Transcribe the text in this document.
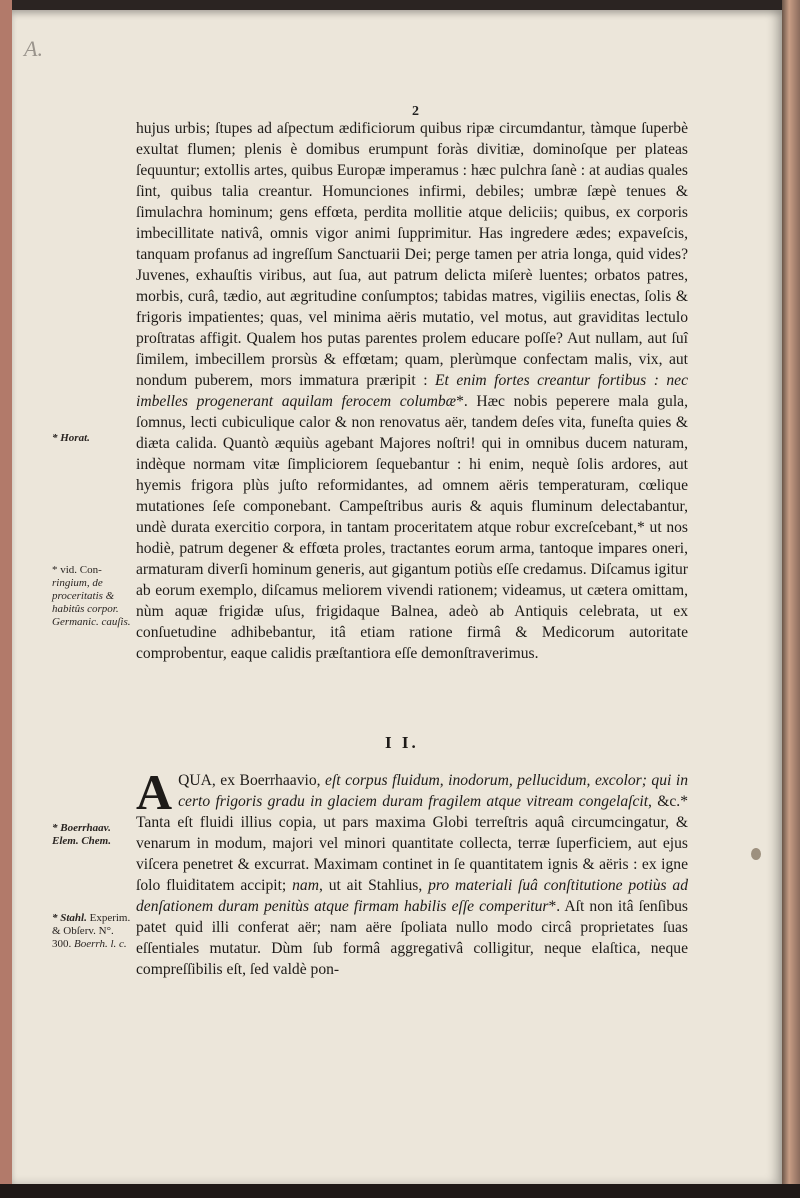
A.
2

hujus urbis; ſtupes ad aſpectum ædificiorum quibus ripæ circumdantur, tàmque ſuperbè exultat flumen; plenis è domibus erumpunt foràs divitiæ, dominoſque per plateas ſequuntur; extollis artes, quibus Europæ imperamus : hæc pulchra ſanè : at audias quales ſint, quibus talia creantur. Homunciones infirmi, debiles; umbræ ſæpè tenues & ſimulachra hominum; gens effœta, perdita mollitie atque deliciis; quibus, ex corporis imbecillitate nativâ, omnis vigor animi ſupprimitur. Has ingredere ædes; expaveſcis, tanquam profanus ad ingreſſum Sanctuarii Dei; perge tamen per atria longa, quid vides? Juvenes, exhauſtis viribus, aut ſua, aut patrum delicta miſerè luentes; orbatos patres, morbis, curâ, tædio, aut ægritudine conſumptos; tabidas matres, vigiliis enectas, ſolis & frigoris impatientes; quas, vel minima aëris mutatio, vel motus, aut graviditas lectulo proſtratas affigit. Qualem hos putas parentes prolem educare poſſe? Aut nullam, aut ſuî ſimilem, imbecillem prorsùs & effœtam; quam, plerùmque confectam malis, vix, aut nondum puberem, mors immatura præripit : Et enim fortes creantur fortibus : nec imbelles progenerant aquilam ferocem columbæ*. Hæc nobis peperere mala gula, ſomnus, lecti cubiculique calor & non renovatus aër, tandem deſes vita, funeſta quies & diæta calida. Quantò æquiùs agebant Majores noſtri! qui in omnibus ducem naturam, indèque normam vitæ ſimpliciorem ſequebantur : hi enim, nequè ſolis ardores, aut hyemis frigora plùs juſto reformidantes, ad omnem aëris temperaturam, cœlique mutationes ſeſe componebant. Campeſtribus auris & aquis fluminum delectabantur, undè durata exercitio corpora, in tantam proceritatem atque robur excreſcebant,* ut nos hodiè, patrum degener & effœta proles, tractantes eorum arma, tantoque impares oneri, armaturam diverſi hominum generis, aut gigantum potiùs eſſe credamus. Diſcamus igitur ab eorum exemplo, diſcamus meliorem vivendi rationem; videamus, ut cætera omittam, nùm aquæ frigidæ uſus, frigidaque Balnea, adeò ab Antiquis celebrata, ut ex conſuetudine adhibebantur, itâ etiam ratione firmâ & Medicorum autoritate comprobentur, eaque calidis præſtantiora eſſe demonſtraverimus.

I I.

AQUA, ex Boerrhaavio, eſt corpus fluidum, inodorum, pellucidum, excolor; qui in certo frigoris gradu in glaciem duram fragilem atque vitream congelaſcit, &c.* Tanta eſt fluidi illius copia, ut pars maxima Globi terreſtris aquâ circumcingatur, & venarum in modum, majori vel minori quantitate collecta, terræ ſuperficiem, aut ejus viſcera penetret & excurrat. Maximam continet in ſe quantitatem ignis & aëris : ex igne ſolo fluiditatem accipit; nam, ut ait Stahlius, pro materiali ſuâ conſtitutione potiùs ad denſationem duram penitùs atque firmam habilis eſſe comperitur*. Aſt non itâ ſenſibus patet quid illi conferat aër; nam aëre ſpoliata nullo modo circâ proprietates ſuas eſſentiales mutatur. Dùm ſub formâ aggregativâ colligitur, neque elaſtica, neque compreſſibilis eſt, ſed valdè pon-

* Horat.
* vid. Con- ringium, de proceritatis & habitûs corpor. Germanic. cauſis.
* Boerrhaav. Elem. Chem.
* Stahl. Experim. & Obſerv. N°. 300. Boerrh. l. c.
